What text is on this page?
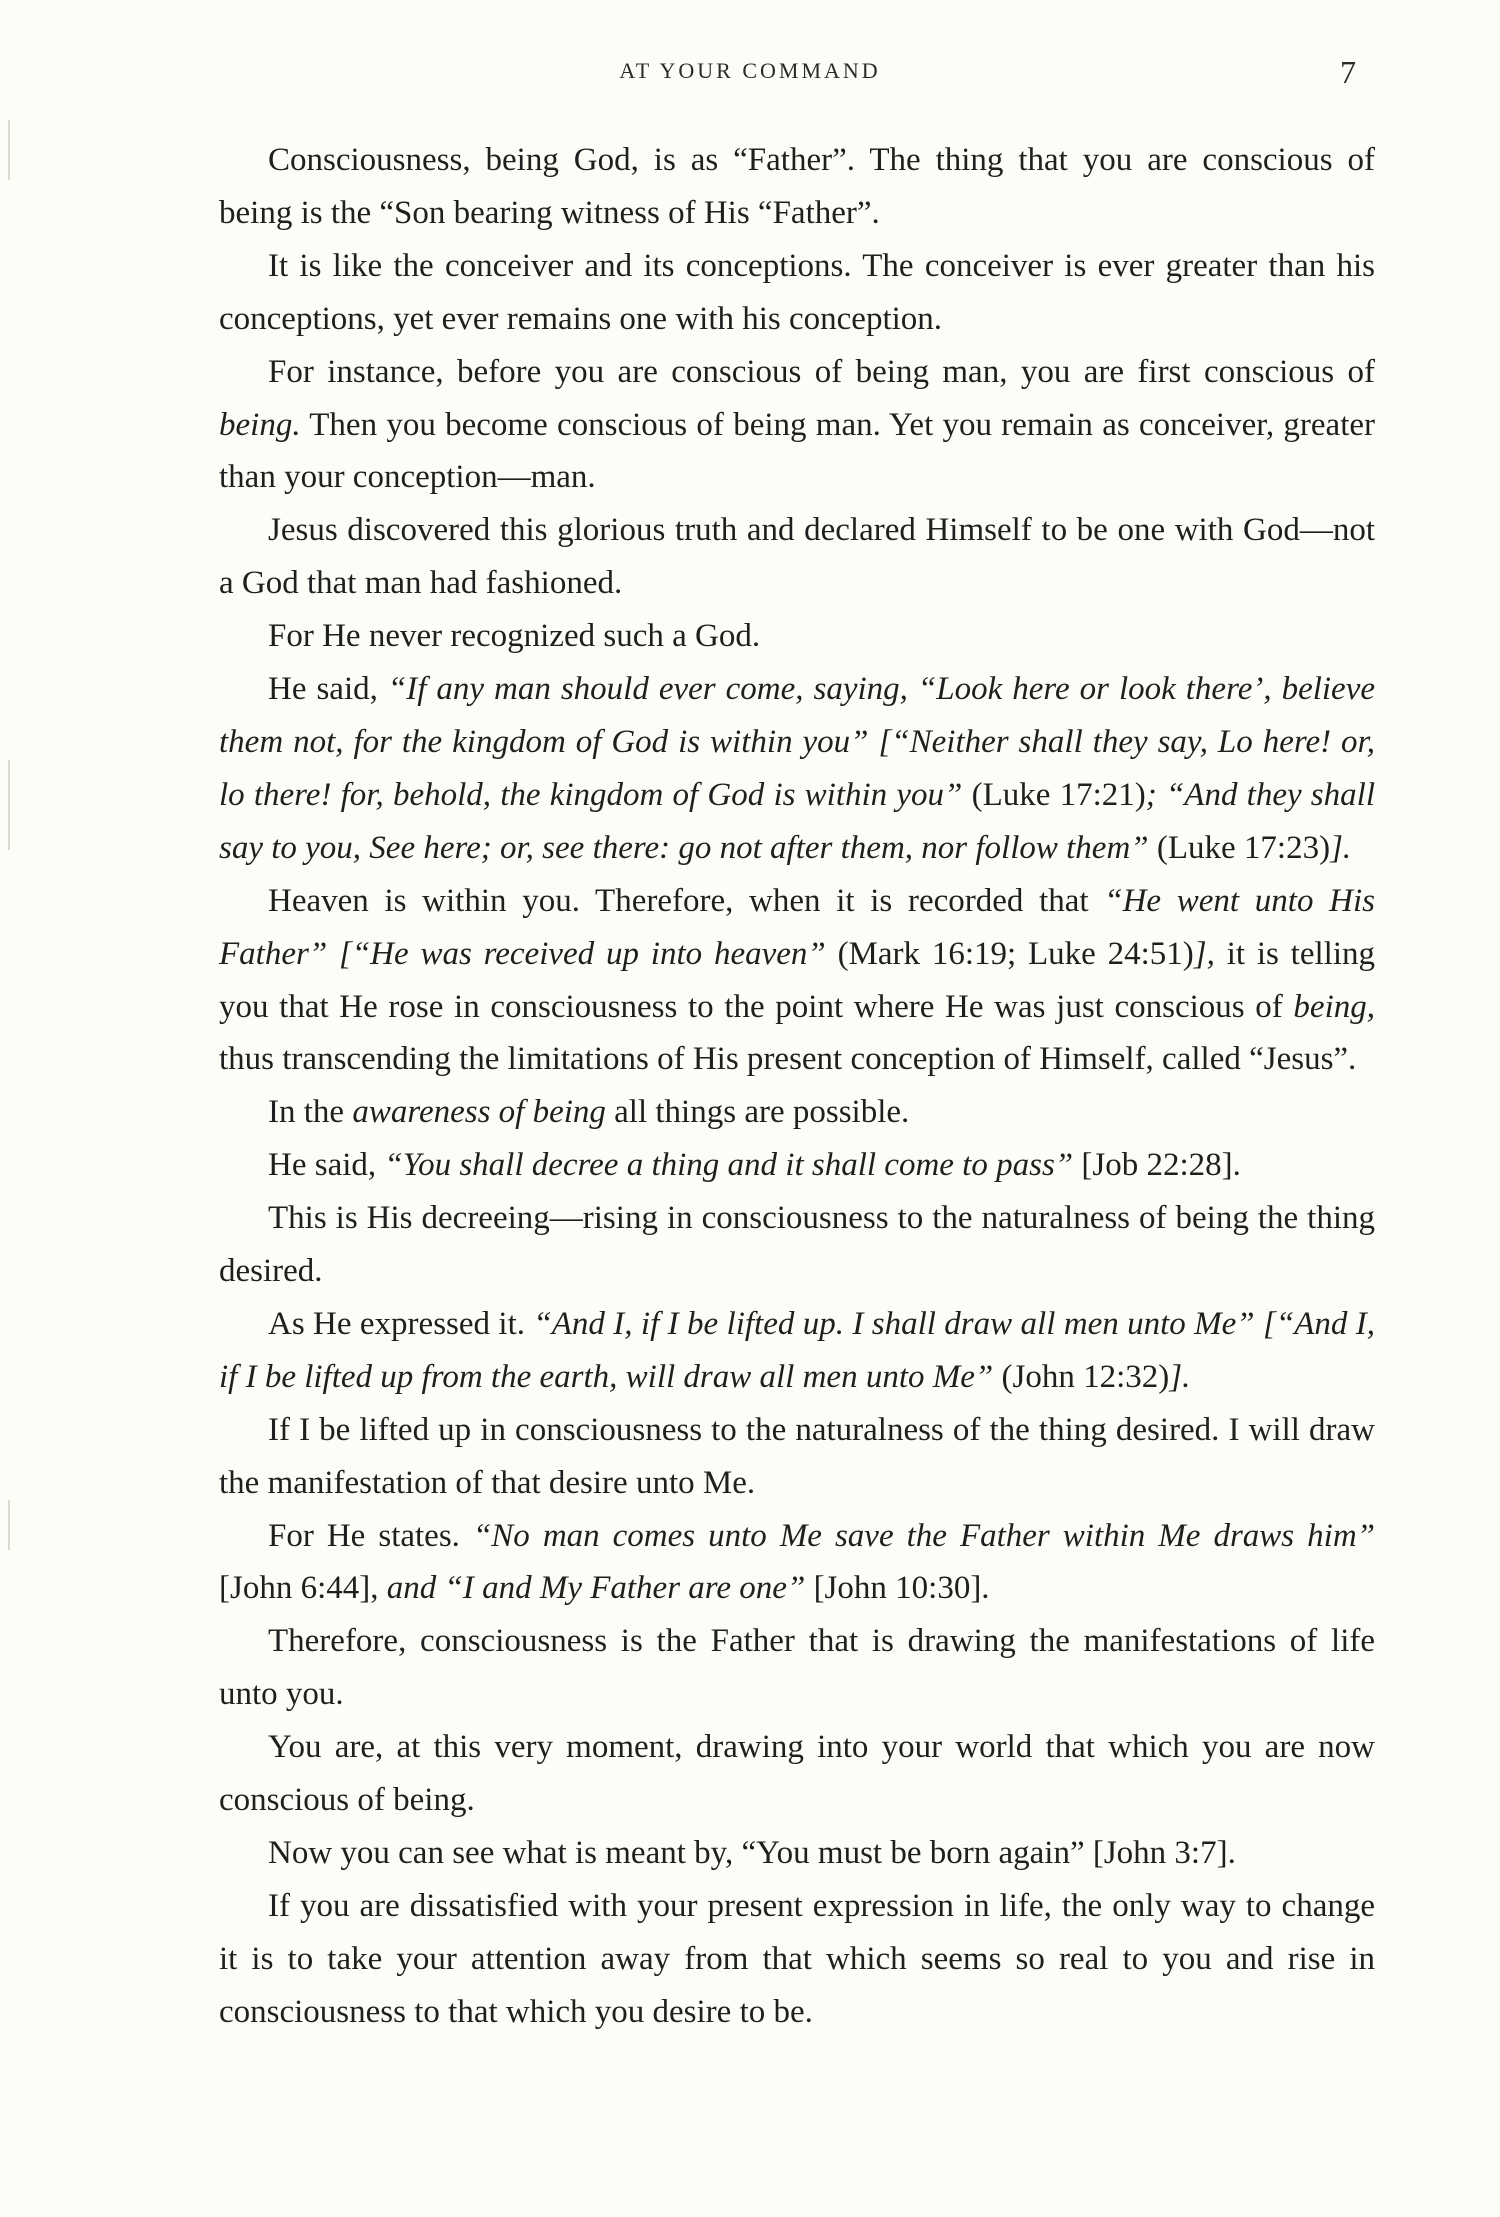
AT YOUR COMMAND	7

Consciousness, being God, is as “Father”. The thing that you are conscious of being is the “Son bearing witness of His “Father”.

It is like the conceiver and its conceptions. The conceiver is ever greater than his conceptions, yet ever remains one with his conception.

For instance, before you are conscious of being man, you are first conscious of being. Then you become conscious of being man. Yet you remain as conceiver, greater than your conception—man.

Jesus discovered this glorious truth and declared Himself to be one with God—not a God that man had fashioned.

For He never recognized such a God.

He said, “If any man should ever come, saying, “Look here or look there’, believe them not, for the kingdom of God is within you” [“Neither shall they say, Lo here! or, lo there! for, behold, the kingdom of God is within you” (Luke 17:21); “And they shall say to you, See here; or, see there: go not after them, nor follow them” (Luke 17:23)].

Heaven is within you. Therefore, when it is recorded that “He went unto His Father” [“He was received up into heaven” (Mark 16:19; Luke 24:51)], it is telling you that He rose in consciousness to the point where He was just conscious of being, thus transcending the limitations of His present conception of Himself, called “Jesus”.

In the awareness of being all things are possible.

He said, “You shall decree a thing and it shall come to pass” [Job 22:28].

This is His decreeing—rising in consciousness to the naturalness of being the thing desired.

As He expressed it. “And I, if I be lifted up. I shall draw all men unto Me” [“And I, if I be lifted up from the earth, will draw all men unto Me” (John 12:32)].

If I be lifted up in consciousness to the naturalness of the thing desired. I will draw the manifestation of that desire unto Me.

For He states. “No man comes unto Me save the Father within Me draws him” [John 6:44], and “I and My Father are one” [John 10:30].

Therefore, consciousness is the Father that is drawing the manifestations of life unto you.

You are, at this very moment, drawing into your world that which you are now conscious of being.

Now you can see what is meant by, “You must be born again” [John 3:7].

If you are dissatisfied with your present expression in life, the only way to change it is to take your attention away from that which seems so real to you and rise in consciousness to that which you desire to be.
